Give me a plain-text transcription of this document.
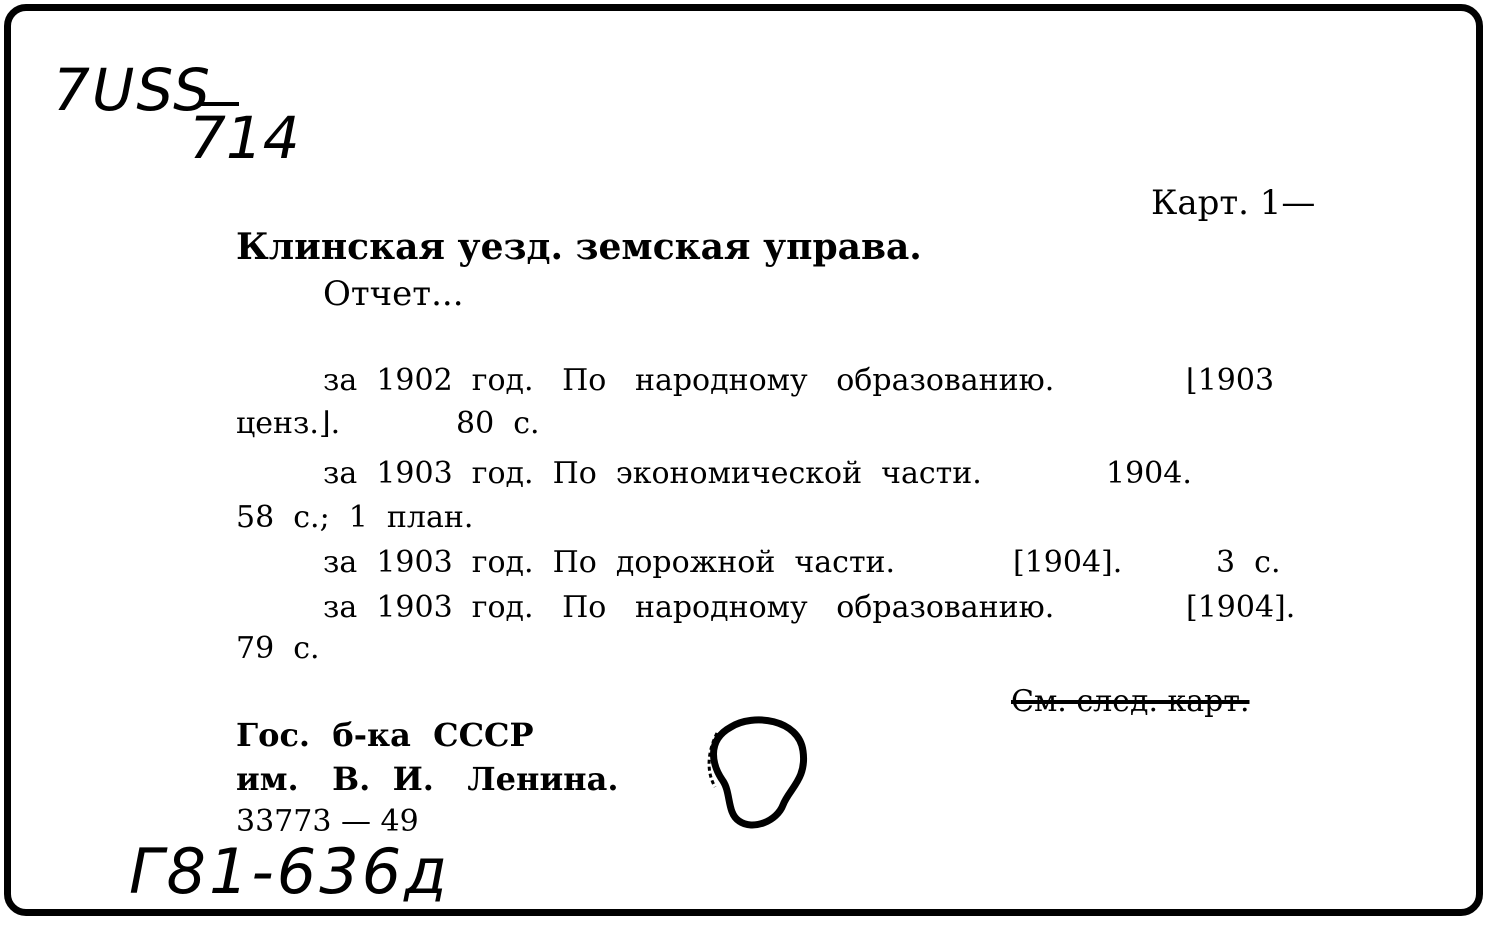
7USS
714
Карт. 1—
Клинская уезд. земская управа.
Отчет...
за  1902  год.   По   народному   образованию.	⌊1903
ценз.⌋.	80  с.
за  1903  год.  По  экономической  части.	1904.
58  с.;  1  план.
за  1903  год.  По  дорожной  части.	[1904].	3  с.
за  1903  год.   По   народному   образованию.	[1904].
79  с.
См. след. карт.
Гос.  б-ка  СССР
им.   В.  И.   Ленина.
33773 — 49
Г81-636д
